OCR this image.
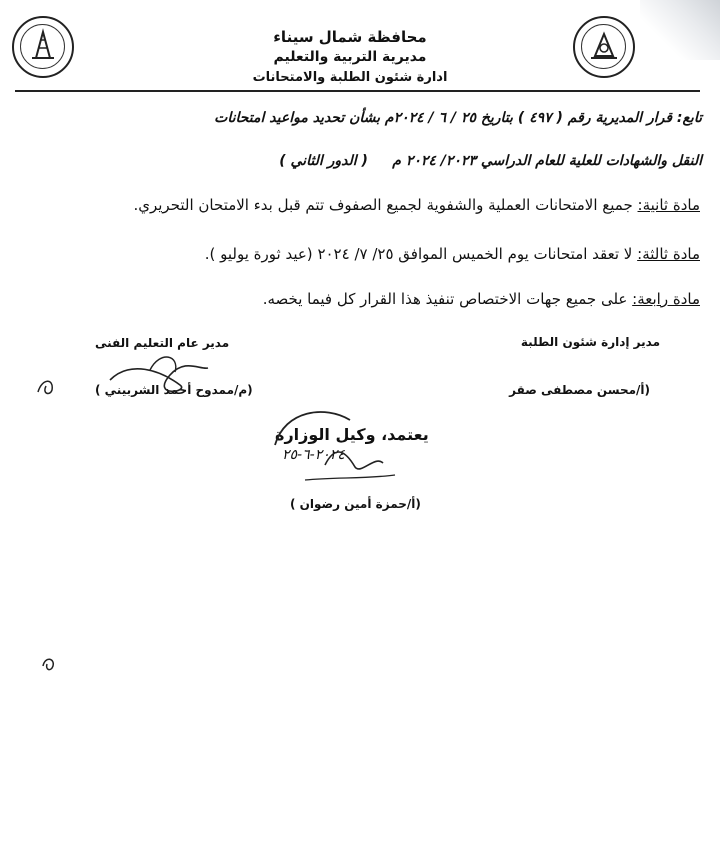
محافظة شمال سيناء
مديرية التربية والتعليم
ادارة شئون الطلبة والامتحانات
تابع: قرار المديرية رقم ( ٤٩٧ ) بتاريخ ٢٥ / ٦ / ٢٠٢٤م بشأن تحديد مواعيد امتحانات
النقل والشهادات للعلية للعام الدراسي ٢٠٢٣/ ٢٠٢٤ م     ( الدور الثاني )
مادة ثانية: جميع الامتحانات العملية والشفوية لجميع الصفوف تتم قبل بدء الامتحان التحريري.
مادة ثالثة: لا تعقد امتحانات يوم الخميس الموافق ٢٥/ ٧/ ٢٠٢٤ (عيد ثورة يوليو ).
مادة رابعة: على جميع جهات الاختصاص تنفيذ هذا القرار كل فيما يخصه.
مدير إدارة شئون الطلبة
(أ/محسن مصطفى صقر
مدير عام التعليم الفنى
(م/ممدوح أحمد الشربيني )
يعتمد، وكيل الوزارة
٢٠٢٤-٦-٢٥
(أ/حمزة أمين رضوان )
